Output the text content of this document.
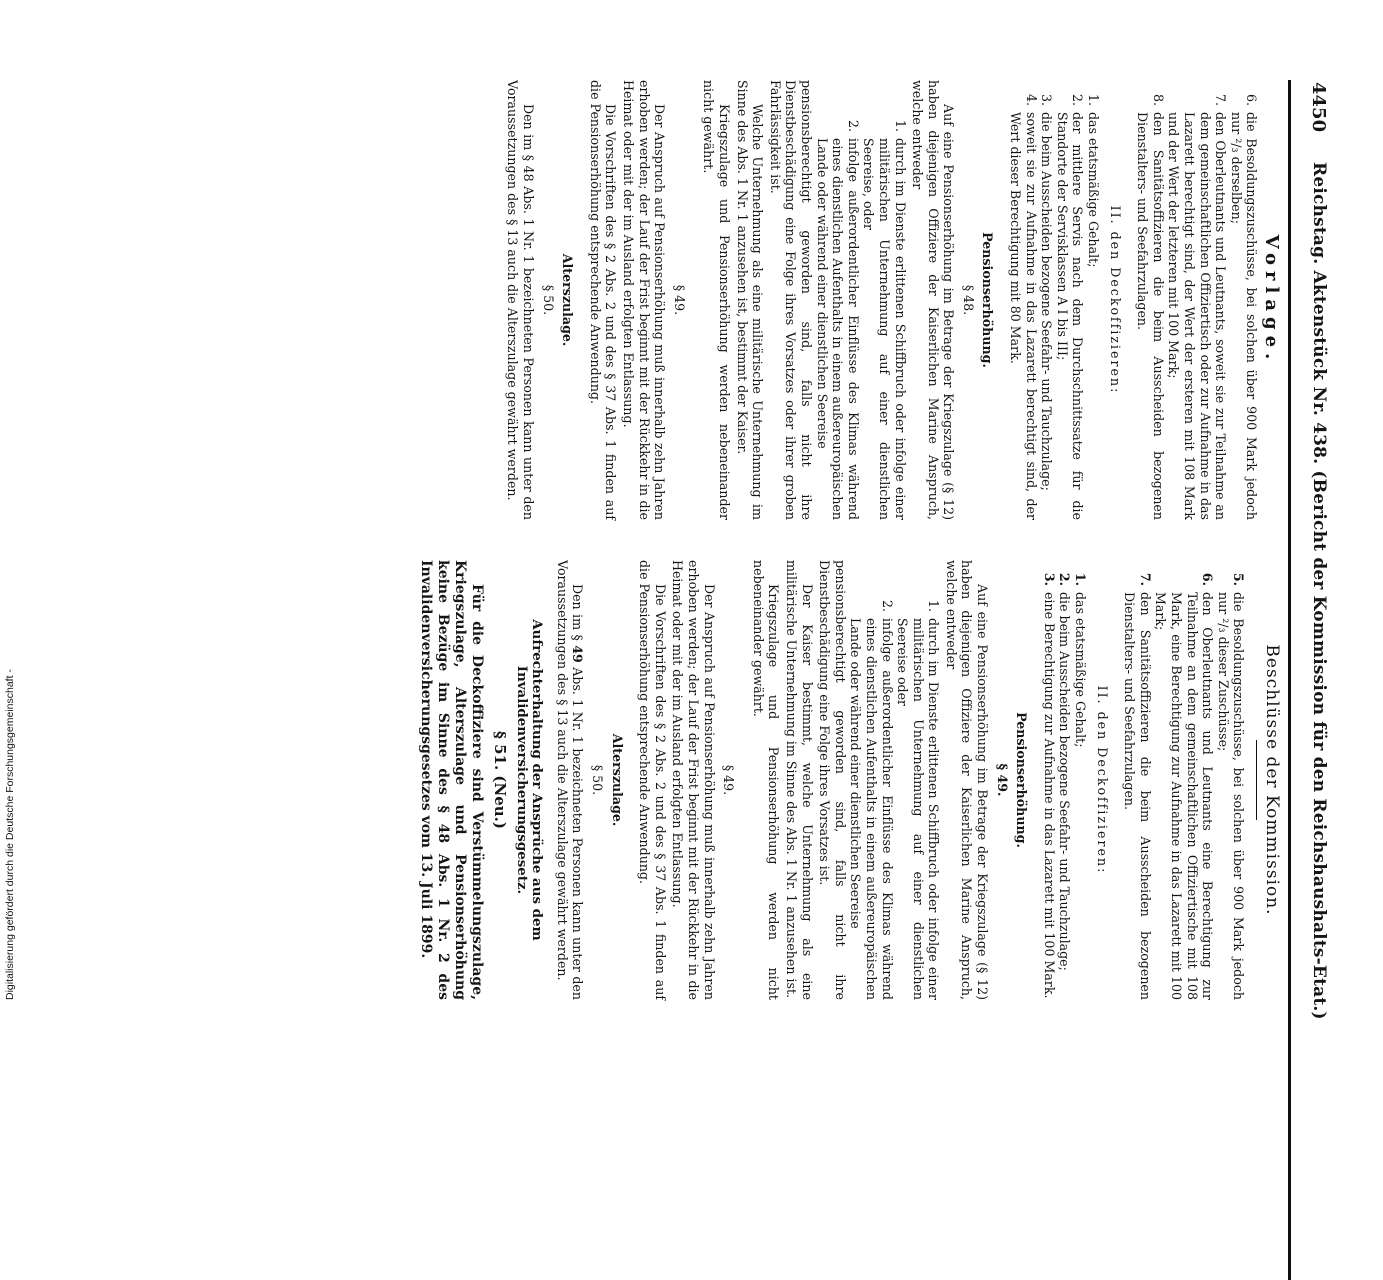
4450
Reichstag. Aktenstück Nr. 438. (Bericht der Kommission für den Reichshaushalts-Etat.)
Vorlage.
6.
die Besoldungszuschüsse, bei solchen über 900 Mark jedoch nur ²/₃ derselben;
7.
den Oberleutnants und Leutnants, soweit sie zur Teilnahme an dem gemeinschaftlichen Offiziertisch oder zur Aufnahme in das Lazarett berechtigt sind, der Wert der ersteren mit 108 Mark und der Wert der letzteren mit 100 Mark;
8.
den Sanitätsoffizieren die beim Ausscheiden bezogenen Dienstalters- und Seefahrzulagen.
II. den Deckoffizieren:
1.
das etatsmäßige Gehalt;
2.
der mittlere Servis nach dem Durchschnittssatze für die Standorte der Servisklassen A I bis III;
3.
die beim Ausscheiden bezogene Seefahr- und Tauchzulage;
4.
soweit sie zur Aufnahme in das Lazarett berechtigt sind, der Wert dieser Berechtigung mit 80 Mark.
Pensionserhöhung.
§ 48.

Auf eine Pensionserhöhung im Betrage der Kriegszulage (§ 12) haben diejenigen Offiziere der Kaiserlichen Marine Anspruch, welche entweder

1.
durch im Dienste erlittenen Schiffbruch oder infolge einer militärischen Unternehmung auf einer dienstlichen Seereise, oder
2.
infolge außerordentlicher Einflüsse des Klimas während eines dienstlichen Aufenthalts in einem außereuropäischen Lande oder während einer dienstlichen Seereise

pensionsberechtigt geworden sind, falls nicht ihre Dienstbeschädigung eine Folge ihres Vorsatzes oder ihrer groben Fahrlässigkeit ist.

Welche Unternehmung als eine militärische Unternehmung im Sinne des Abs. 1 Nr. 1 anzusehen ist, bestimmt der Kaiser.

Kriegszulage und Pensionserhöhung werden nebeneinander nicht gewährt.

§ 49.

Der Anspruch auf Pensionserhöhung muß innerhalb zehn Jahren erhoben werden; der Lauf der Frist beginnt mit der Rückkehr in die Heimat oder mit der im Ausland erfolgten Entlassung.

Die Vorschriften des § 2 Abs. 2 und des § 37 Abs. 1 finden auf die Pensionserhöhung entsprechende Anwendung.

Alterszulage.
§ 50.

Den im § 48 Abs. 1 Nr. 1 bezeichneten Personen kann unter den Voraussetzungen des § 13 auch die Alterszulage gewährt werden.

Beschlüsse der Kommission.
5.
die Besoldungszuschüsse, bei solchen über 900 Mark jedoch nur ²/₃ dieser Zuschüsse;
6.
den Oberleutnants und Leutnants eine Berechtigung zur Teilnahme an dem gemeinschaftlichen Offiziertische mit 108 Mark, eine Berechtigung zur Aufnahme in das Lazarett mit 100 Mark;
7.
den Sanitätsoffizieren die beim Ausscheiden bezogenen Dienstalters- und Seefahrzulagen.
II. den Deckoffizieren:
1.
das etatsmäßige Gehalt;
2.
die beim Ausscheiden bezogene Seefahr- und Tauchzulage;
3.
eine Berechtigung zur Aufnahme in das Lazarett mit 100 Mark.
Pensionserhöhung.
§ 49.

Auf eine Pensionserhöhung im Betrage der Kriegszulage (§ 12) haben diejenigen Offiziere der Kaiserlichen Marine Anspruch, welche entweder

1.
durch im Dienste erlittenen Schiffbruch oder infolge einer militärischen Unternehmung auf einer dienstlichen Seereise oder
2.
infolge außerordentlicher Einflüsse des Klimas während eines dienstlichen Aufenthalts in einem außereuropäischen Lande oder während einer dienstlichen Seereise

pensionsberechtigt geworden sind, falls nicht ihre Dienstbeschädigung eine Folge ihres Vorsatzes ist.

Der Kaiser bestimmt, welche Unternehmung als eine militärische Unternehmung im Sinne des Abs. 1 Nr. 1 anzusehen ist.

Kriegszulage und Pensionserhöhung werden nicht nebeneinander gewährt.

§ 49.

Der Anspruch auf Pensionserhöhung muß innerhalb zehn Jahren erhoben werden; der Lauf der Frist beginnt mit der Rückkehr in die Heimat oder mit der im Ausland erfolgten Entlassung.

Die Vorschriften des § 2 Abs. 2 und des § 37 Abs. 1 finden auf die Pensionserhöhung entsprechende Anwendung.

Alterszulage.
§ 50.

Den im § 49 Abs. 1 Nr. 1 bezeichneten Personen kann unter den Voraussetzungen des § 13 auch die Alterszulage gewährt werden.

Aufrechterhaltung der Ansprüche aus dem Invalidenversicherungsgesetz.
§ 51. (Neu.)

Für die Deckoffiziere sind Verstümmelungszulage, Kriegszulage, Alterszulage und Pensionserhöhung keine Bezüge im Sinne des § 48 Abs. 1 Nr. 2 des Invalidenversicherungsgesetzes vom 13. Juli 1899.

Digitalisierung gefördert durch die Deutsche Forschungsgemeinschaft -
